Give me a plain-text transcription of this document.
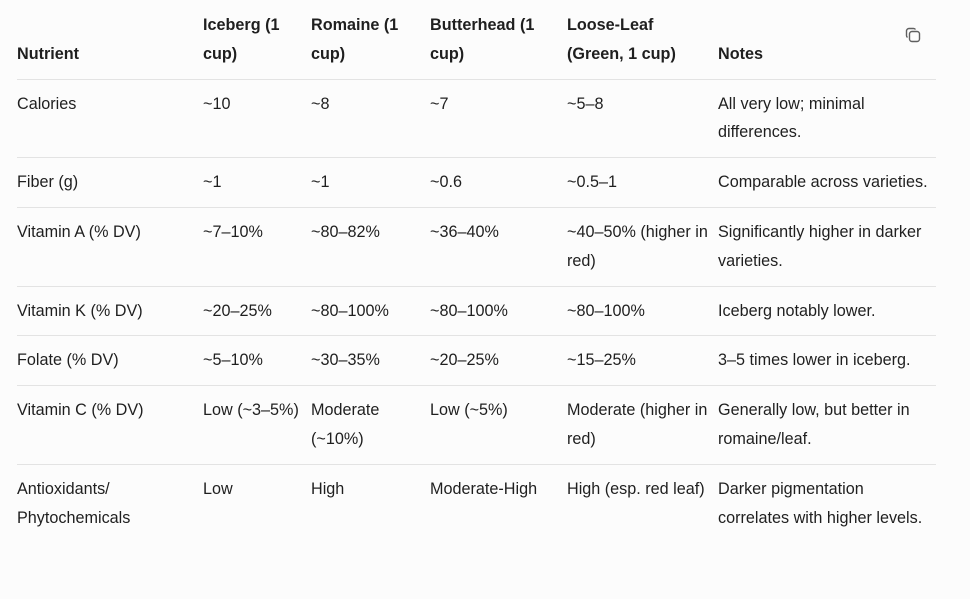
Nutrient	Iceberg (1 cup)	Romaine (1 cup)	Butterhead (1 cup)	Loose-Leaf (Green, 1 cup)	Notes
Calories	~10	~8	~7	~5–8	All very low; minimal differences.
Fiber (g)	~1	~1	~0.6	~0.5–1	Comparable across varieties.
Vitamin A (% DV)	~7–10%	~80–82%	~36–40%	~40–50% (higher in red)	Significantly higher in darker varieties.
Vitamin K (% DV)	~20–25%	~80–100%	~80–100%	~80–100%	Iceberg notably lower.
Folate (% DV)	~5–10%	~30–35%	~20–25%	~15–25%	3–5 times lower in iceberg.
Vitamin C (% DV)	Low (~3–5%)	Moderate (~10%)	Low (~5%)	Moderate (higher in red)	Generally low, but better in romaine/leaf.
Antioxidants/ Phytochemicals	Low	High	Moderate-High	High (esp. red leaf)	Darker pigmentation correlates with higher levels.
